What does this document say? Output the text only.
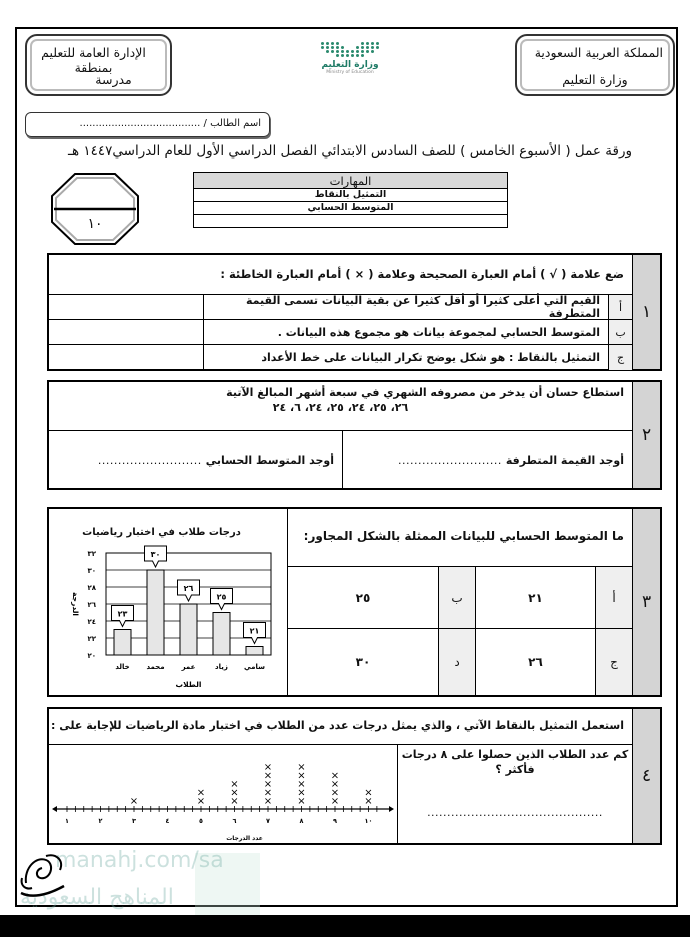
المملكة العربية السعودية
وزارة التعليم
الإدارة العامة للتعليم بمنطقة
مدرسة
وزارة التعليم
Ministry of Education
اسم الطالب / ......................................
ورقة عمل ( الأسبوع الخامس ) للصف السادس الابتدائي الفصل الدراسي الأول للعام الدراسي١٤٤٧ هـ
١٠
المهارات
التمثيل بالنقاط
المتوسط الحسابي

١
ضع علامة ( √ ) أمام العبارة الصحيحة وعلامة ( × ) أمام العبارة الخاطئة :
أ
القيم التي أعلى كثيرا أو أقل كثيرا عن بقية البيانات تسمى القيمة المتطرفة
ب
المتوسط الحسابي لمجموعة بيانات هو مجموع هذه البيانات .
ج
التمثيل بالنقاط : هو شكل يوضح تكرار البيانات على خط الأعداد
٢
استطاع حسان أن يدخر من مصروفه الشهري في سبعة أشهر المبالغ الآتية
٢٦، ٢٥، ٢٤، ٢٥، ٢٤، ٦، ٢٤
أوجد القيمة المتطرفة
..........................
أوجد المتوسط الحسابي
..........................
٣
ما المتوسط الحسابي للبيانات الممثلة بالشكل المجاور:
أ
٢١
ب
٢٥
ج
٢٦
د
٣٠
درجات طلاب في اختبار رياضيات
٢٠
٢٢
٢٤
٢٦
٢٨
٣٠
٣٢
٢٣
خالد
٣٠
محمد
٢٦
عمر
٢٥
زياد
٢١
سامي
الطلاب
الدرجة
٤
استعمل التمثيل بالنقاط الآتي ، والذي يمثل درجات عدد من الطلاب في اختبار مادة الرياضيات للإجابة على :
كم عدد الطلاب الذين حصلوا على ٨ درجات فأكثر ؟
............................................
١	٢	٣
×
٤	٥
×
×
٦
×
×
×
٧
×
×
×
×
×
٨
×
×
×
×
×
٩
×
×
×
×
١٠
×
×
عدد الدرجات
manahj.com/sa
المناهج السعودية
